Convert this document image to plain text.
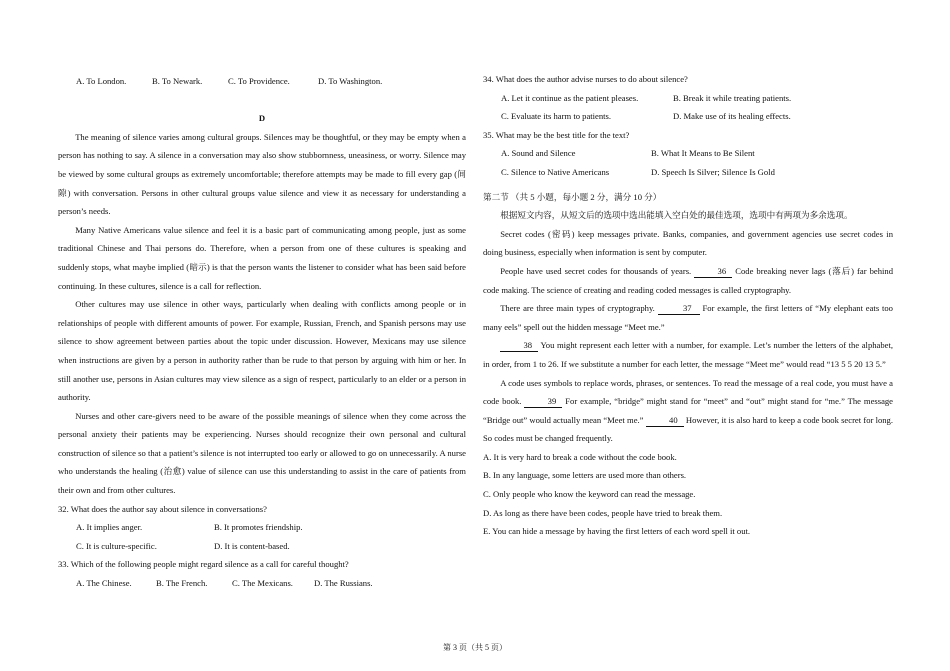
A. To London.	B. To Newark.	C. To Providence.	D. To Washington.

D

The meaning of silence varies among cultural groups. Silences may be thoughtful, or they may be empty when a person has nothing to say. A silence in a conversation may also show stubbornness, uneasiness, or worry. Silence may be viewed by some cultural groups as extremely uncomfortable; therefore attempts may be made to fill every gap (间隙) with conversation. Persons in other cultural groups value silence and view it as necessary for understanding a person’s needs.

Many Native Americans value silence and feel it is a basic part of communicating among people, just as some traditional Chinese and Thai persons do. Therefore, when a person from one of these cultures is speaking and suddenly stops, what maybe implied (暗示) is that the person wants the listener to consider what has been said before continuing. In these cultures, silence is a call for reflection.

Other cultures may use silence in other ways, particularly when dealing with conflicts among people or in relationships of people with different amounts of power. For example, Russian, French, and Spanish persons may use silence to show agreement between parties about the topic under discussion. However, Mexicans may use silence when instructions are given by a person in authority rather than be rude to that person by arguing with him or her. In still another use, persons in Asian cultures may view silence as a sign of respect, particularly to an elder or a person in authority.

Nurses and other care-givers need to be aware of the possible meanings of silence when they come across the personal anxiety their patients may be experiencing. Nurses should recognize their own personal and cultural construction of silence so that a patient’s silence is not interrupted too early or allowed to go on unnecessarily. A nurse who understands the healing (治愈) value of silence can use this understanding to assist in the care of patients from their own and from other cultures.

32. What does the author say about silence in conversations?

A. It implies anger.	B. It promotes friendship.
C. It is culture-specific.	D. It is content-based.

33. Which of the following people might regard silence as a call for careful thought?

A. The Chinese.	B. The French.	C. The Mexicans.	D. The Russians.

34. What does the author advise nurses to do about silence?

A. Let it continue as the patient pleases.	B. Break it while treating patients.
C. Evaluate its harm to patients.	D. Make use of its healing effects.

35. What may be the best title for the text?

A. Sound and Silence	B. What It Means to Be Silent
C. Silence to Native Americans	D. Speech Is Silver; Silence Is Gold

第二节 （共 5 小题，每小题 2 分，满分 10 分）

根据短文内容，从短文后的选项中选出能填入空白处的最佳选项，选项中有两项为多余选项。

Secret codes (密码) keep messages private. Banks, companies, and government agencies use secret codes in doing business, especially when information is sent by computer.

People have used secret codes for thousands of years.	36 Code breaking never lags (落后) far behind code making. The science of creating and reading coded messages is called cryptography.

There are three main types of cryptography.	37 For example, the first letters of “My elephant eats too many eels” spell out the hidden message “Meet me.”

38 You might represent each letter with a number, for example. Let’s number the letters of the alphabet, in order, from 1 to 26. If we substitute a number for each letter, the message “Meet me” would read “13 5 5 20 13 5.”

A code uses symbols to replace words, phrases, or sentences. To read the message of a real code, you must have a code book.	39 For example, “bridge” might stand for “meet” and “out” might stand for “me.” The message “Bridge out” would actually mean “Meet me.”	40 However, it is also hard to keep a code book secret for long. So codes must be changed frequently.

A. It is very hard to break a code without the code book.

B. In any language, some letters are used more than others.

C. Only people who know the keyword can read the message.

D. As long as there have been codes, people have tried to break them.

E. You can hide a message by having the first letters of each word spell it out.

第 3 页（共 5 页）
